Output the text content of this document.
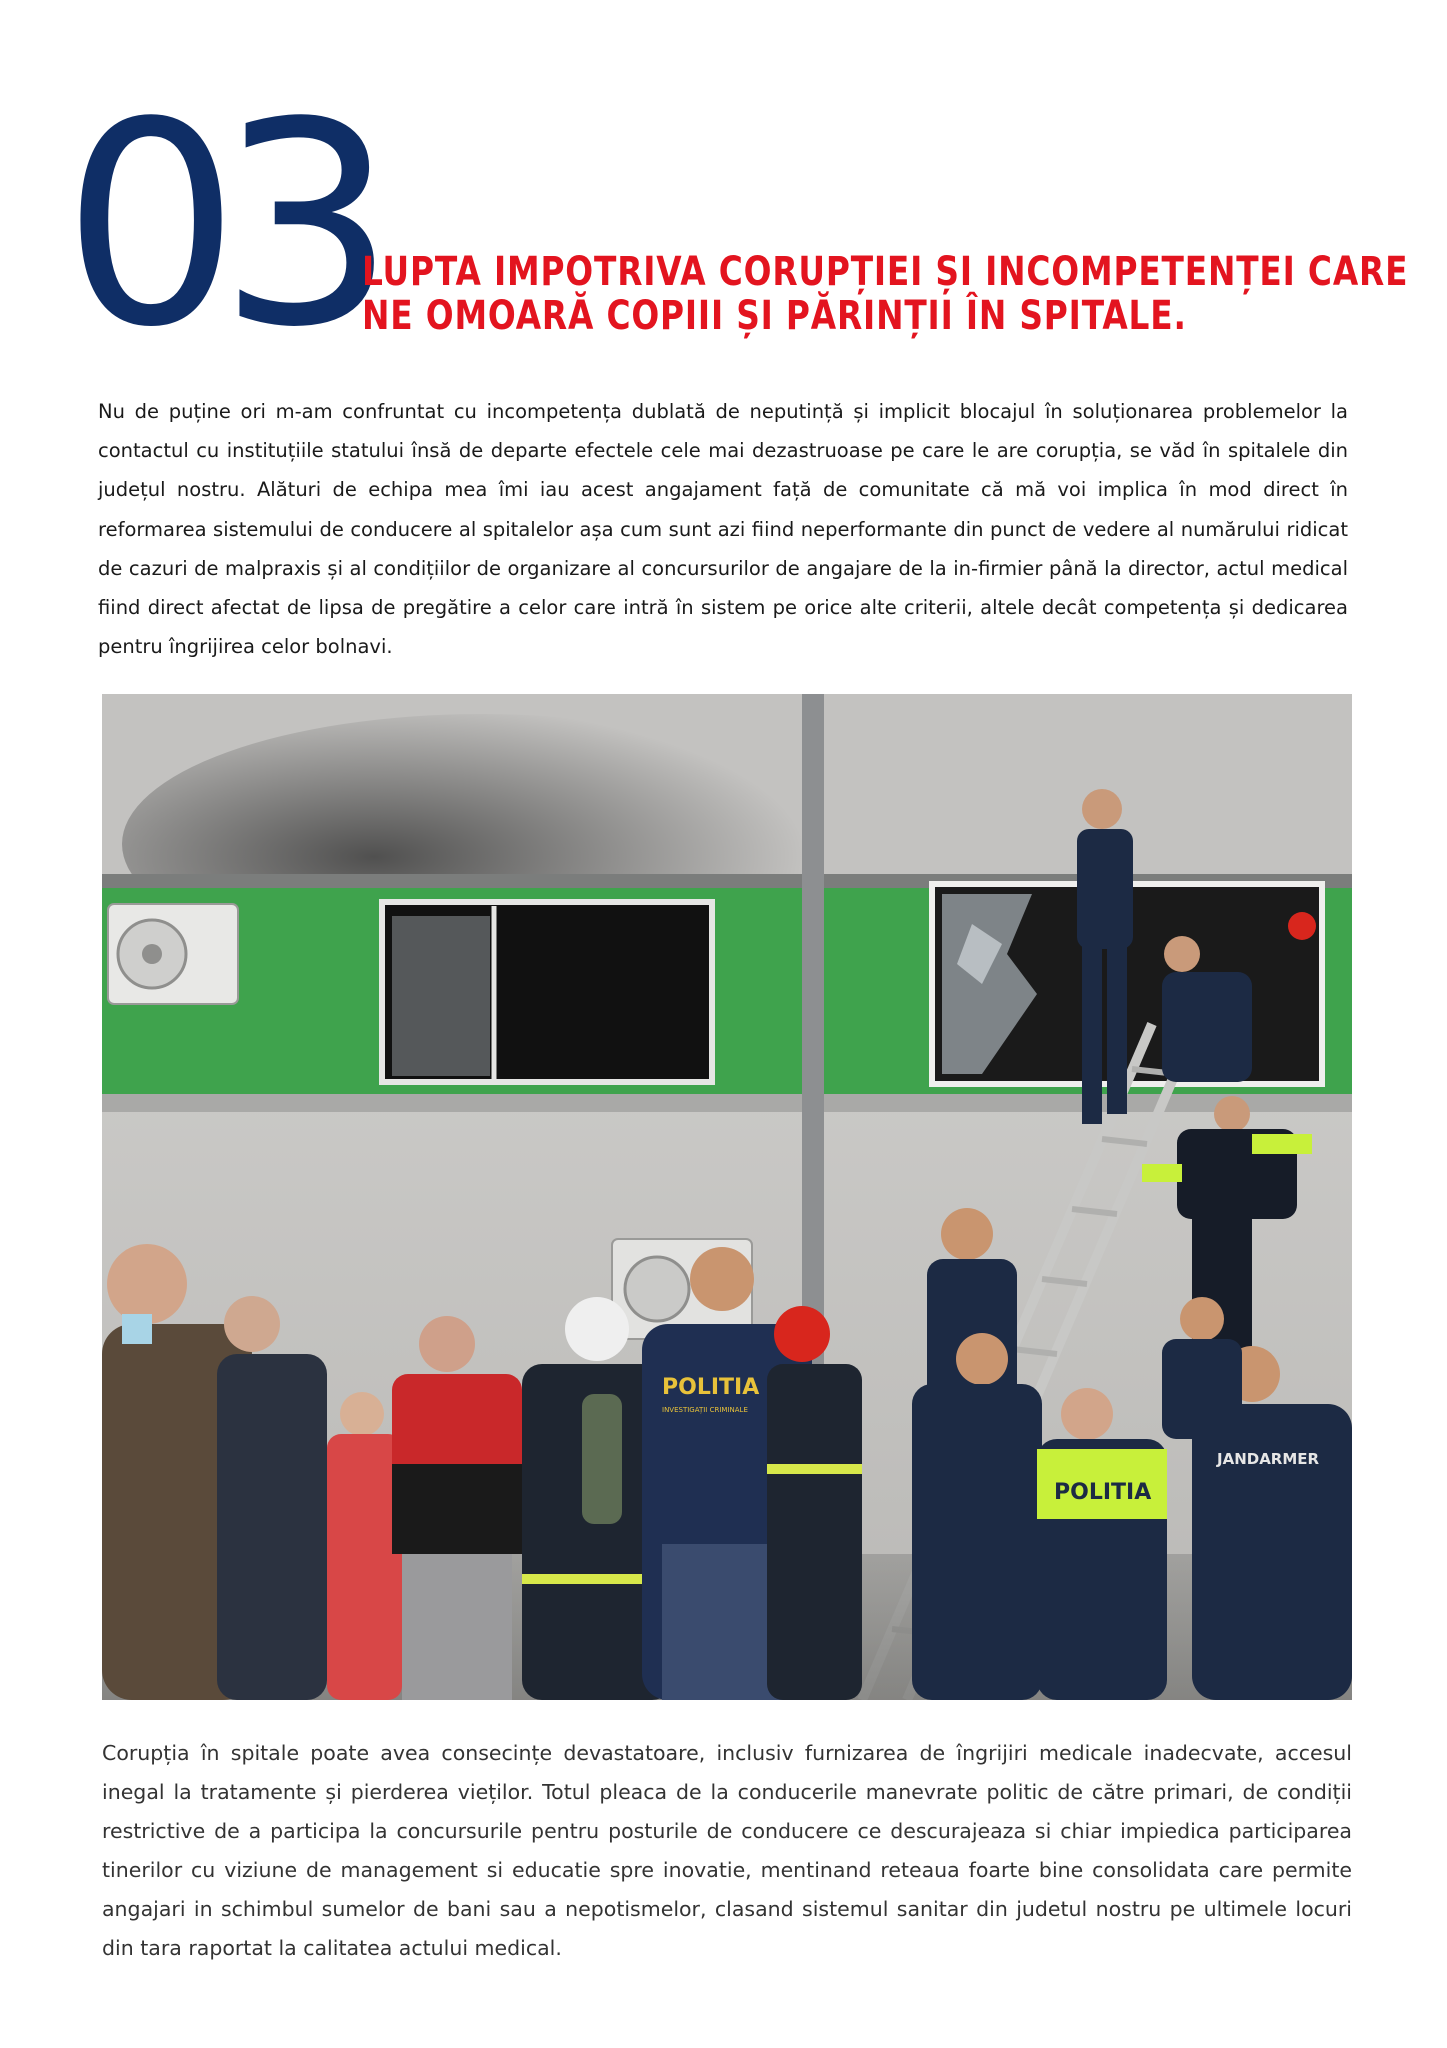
03
LUPTA IMPOTRIVA CORUPȚIEI ȘI INCOMPETENȚEI CARE
NE OMOARĂ COPIII ȘI PĂRINȚII ÎN SPITALE.

Nu de puține ori m-am confruntat cu incompetența dublată de neputință și implicit blocajul în soluționarea problemelor la contactul cu instituțiile statului însă de departe efectele cele mai dezastruoase pe care le are corupția, se văd în spitalele din județul nostru. Alături de echipa mea îmi iau acest angajament față de comunitate că mă voi implica în mod direct în reformarea sistemului de conducere al spitalelor așa cum sunt azi fiind neperformante din punct de vedere al numărului ridicat de cazuri de malpraxis și al condițiilor de organizare al concursurilor de angajare de la in-firmier până la director, actul medical fiind direct afectat de lipsa de pregătire a celor care intră în sistem pe orice alte criterii, altele decât competența și dedicarea pentru îngrijirea celor bolnavi.

POLITIA
INVESTIGAȚII CRIMINALE
POLITIA
JANDARMER

Corupția în spitale poate avea consecințe devastatoare, inclusiv furnizarea de îngrijiri medicale inadecvate, accesul inegal la tratamente și pierderea vieților. Totul pleaca de la conducerile manevrate politic de către primari, de condiții restrictive de a participa la concursurile pentru posturile de conducere ce descurajeaza si chiar impiedica participarea tinerilor cu viziune de management si educatie spre inovatie, mentinand reteaua foarte bine consolidata care permite angajari in schimbul sumelor de bani sau a nepotismelor, clasand sistemul sanitar din judetul nostru pe ultimele locuri din tara raportat la calitatea actului medical.
